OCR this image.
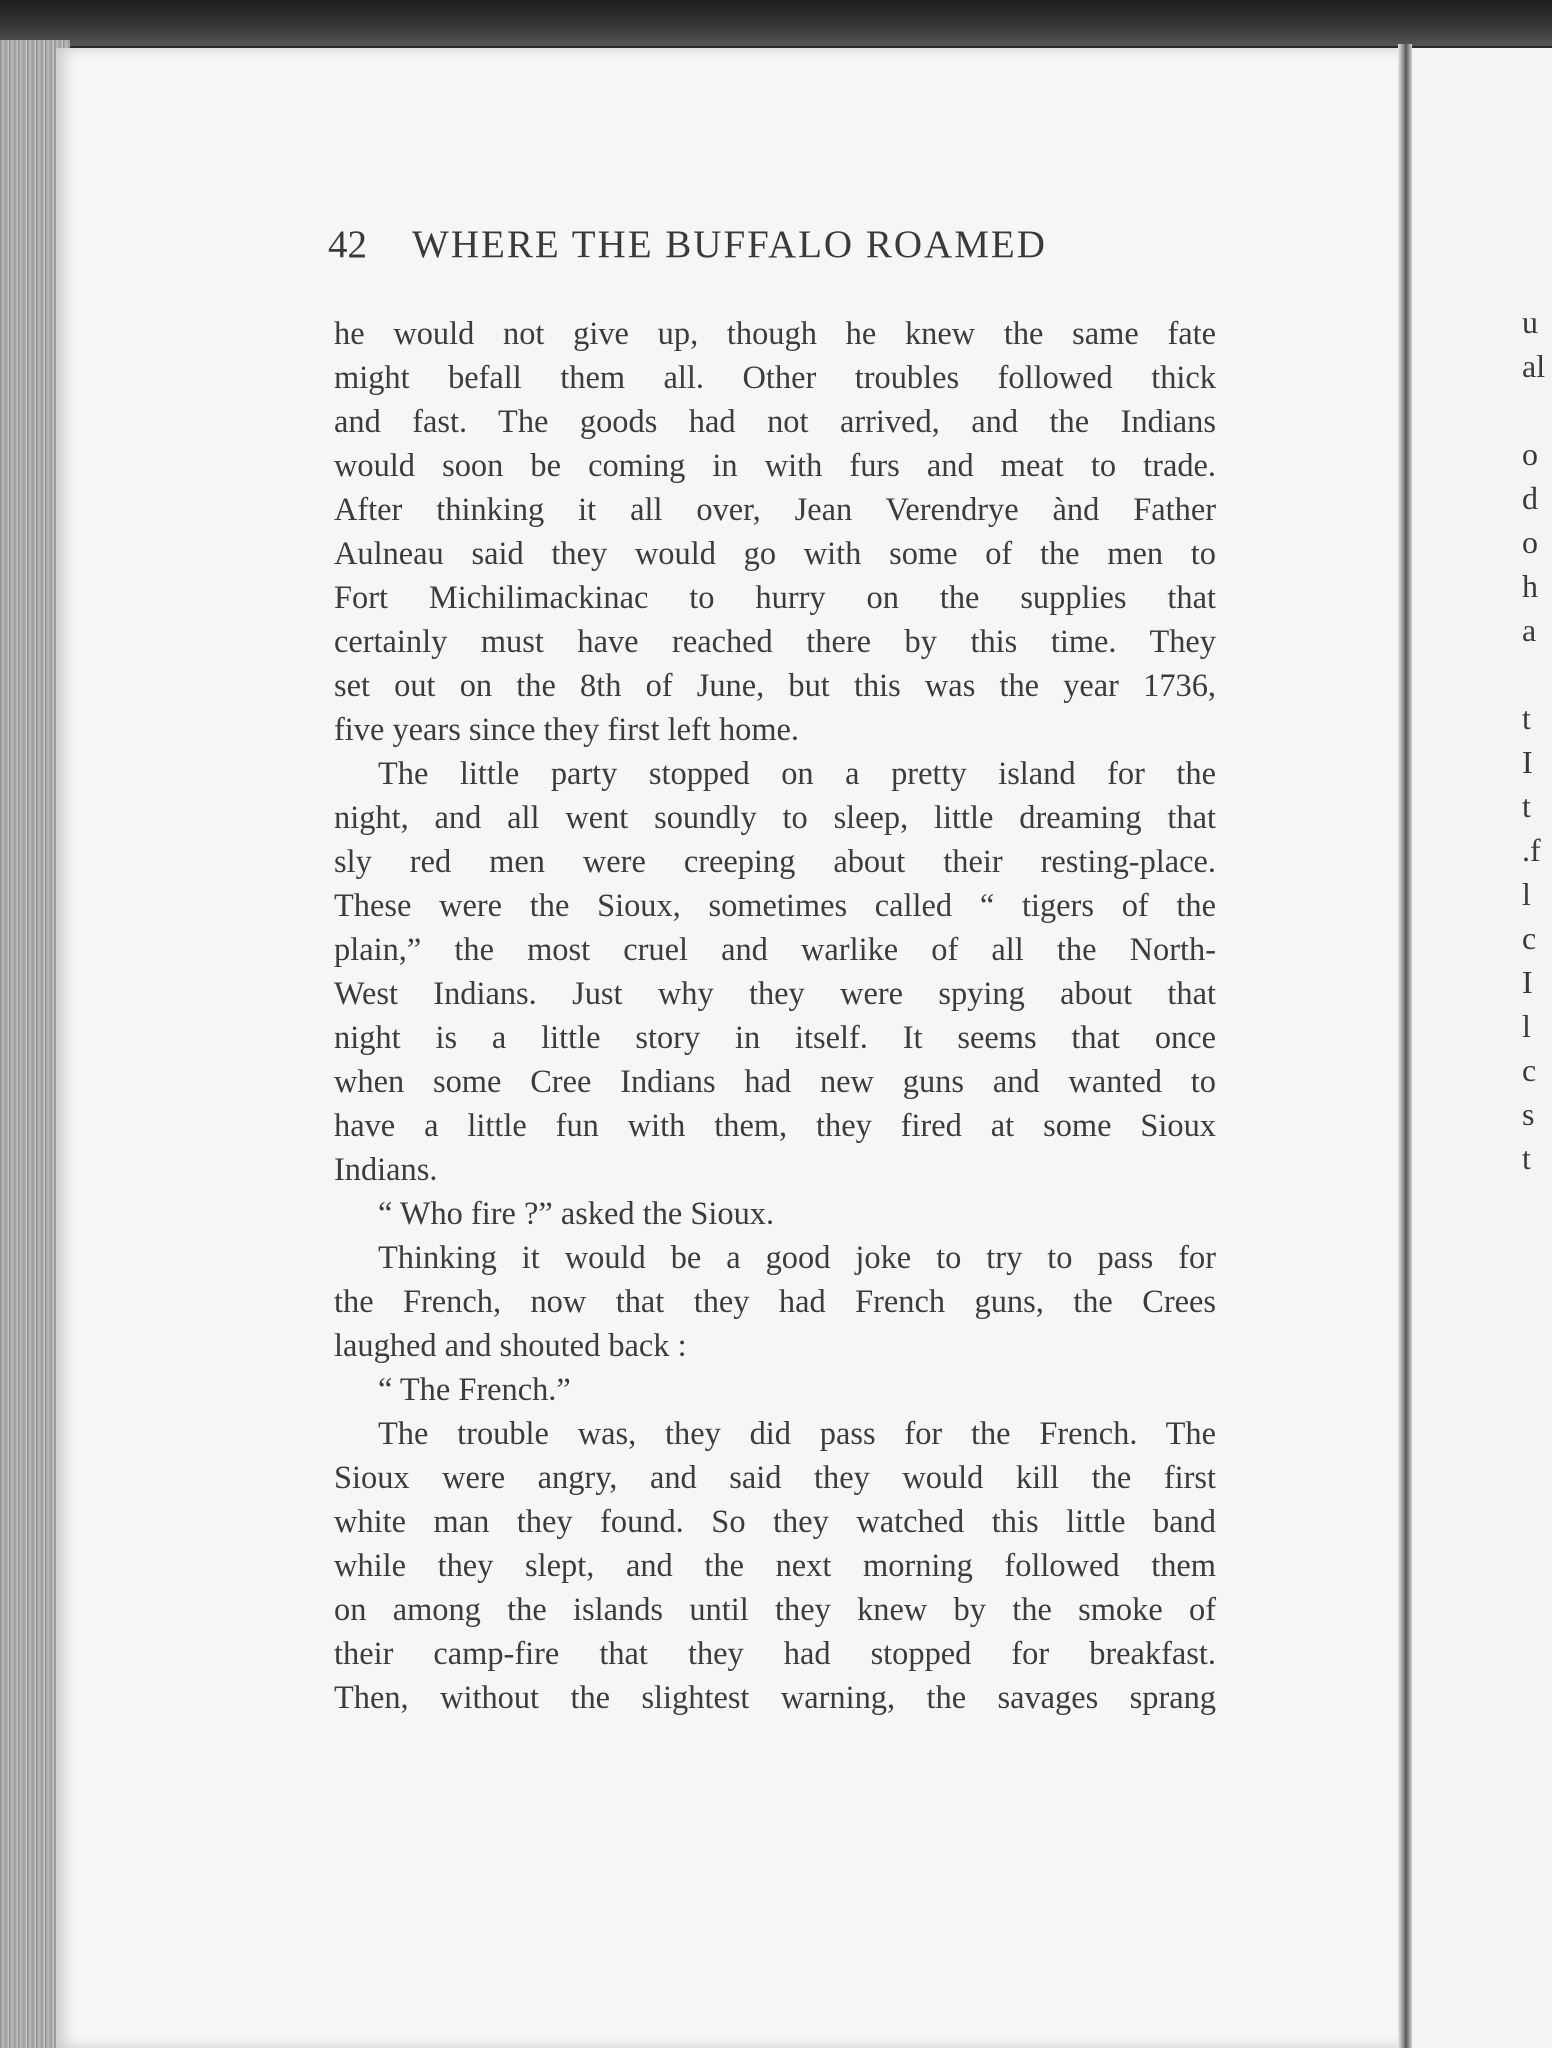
42 WHERE THE BUFFALO ROAMED
he would not give up, though he knew the same fate
might befall them all. Other troubles followed thick
and fast. The goods had not arrived, and the Indians
would soon be coming in with furs and meat to trade.
After thinking it all over, Jean Verendrye ànd Father
Aulneau said they would go with some of the men to
Fort Michilimackinac to hurry on the supplies that
certainly must have reached there by this time. They
set out on the 8th of June, but this was the year 1736,
five years since they first left home.
The little party stopped on a pretty island for the
night, and all went soundly to sleep, little dreaming that
sly red men were creeping about their resting-place.
These were the Sioux, sometimes called “ tigers of the
plain,” the most cruel and warlike of all the North-
West Indians. Just why they were spying about that
night is a little story in itself. It seems that once
when some Cree Indians had new guns and wanted to
have a little fun with them, they fired at some Sioux
Indians.
“ Who fire ?” asked the Sioux.
Thinking it would be a good joke to try to pass for
the French, now that they had French guns, the Crees
laughed and shouted back :
“ The French.”
The trouble was, they did pass for the French. The
Sioux were angry, and said they would kill the first
white man they found. So they watched this little band
while they slept, and the next morning followed them
on among the islands until they knew by the smoke of
their camp-fire that they had stopped for breakfast.
Then, without the slightest warning, the savages sprang
u
al
o
d
o
h
a
t
I
t
.f
l
c
I
l
c
s
t
